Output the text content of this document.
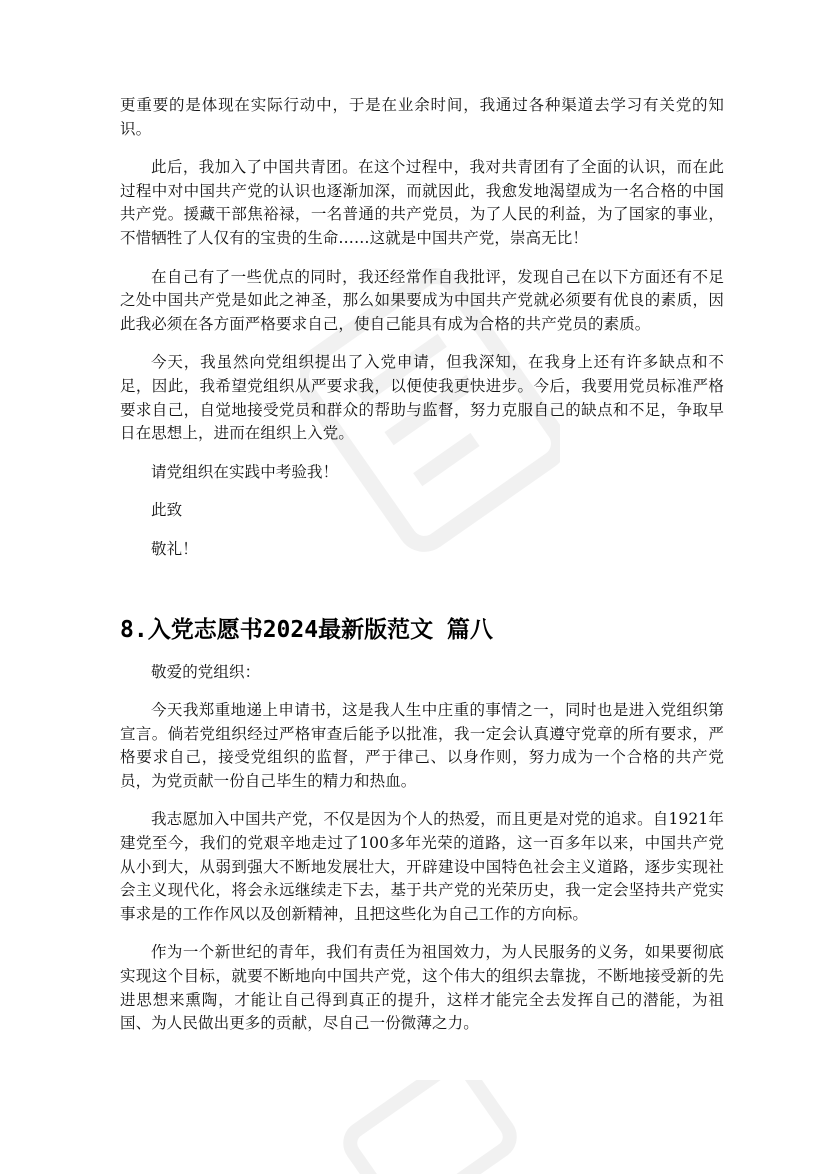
更重要的是体现在实际行动中，于是在业余时间，我通过各种渠道去学习有关党的知识。

此后，我加入了中国共青团。在这个过程中，我对共青团有了全面的认识，而在此过程中对中国共产党的认识也逐渐加深，而就因此，我愈发地渴望成为一名合格的中国共产党。援藏干部焦裕禄，一名普通的共产党员，为了人民的利益，为了国家的事业，不惜牺牲了人仅有的宝贵的生命……这就是中国共产党，崇高无比！

在自己有了一些优点的同时，我还经常作自我批评，发现自己在以下方面还有不足之处中国共产党是如此之神圣，那么如果要成为中国共产党就必须要有优良的素质，因此我必须在各方面严格要求自己，使自己能具有成为合格的共产党员的素质。

今天，我虽然向党组织提出了入党申请，但我深知，在我身上还有许多缺点和不足，因此，我希望党组织从严要求我，以便使我更快进步。今后，我要用党员标准严格要求自己，自觉地接受党员和群众的帮助与监督，努力克服自己的缺点和不足，争取早日在思想上，进而在组织上入党。

请党组织在实践中考验我！

此致

敬礼！

8.入党志愿书2024最新版范文 篇八

敬爱的党组织：

今天我郑重地递上申请书，这是我人生中庄重的事情之一，同时也是进入党组织第宣言。倘若党组织经过严格审查后能予以批准，我一定会认真遵守党章的所有要求，严格要求自己，接受党组织的监督，严于律己、以身作则，努力成为一个合格的共产党员，为党贡献一份自己毕生的精力和热血。

我志愿加入中国共产党，不仅是因为个人的热爱，而且更是对党的追求。自1921年建党至今，我们的党艰辛地走过了100多年光荣的道路，这一百多年以来，中国共产党从小到大，从弱到强大不断地发展壮大，开辟建设中国特色社会主义道路，逐步实现社会主义现代化，将会永远继续走下去，基于共产党的光荣历史，我一定会坚持共产党实事求是的工作作风以及创新精神，且把这些化为自己工作的方向标。

作为一个新世纪的青年，我们有责任为祖国效力，为人民服务的义务，如果要彻底实现这个目标，就要不断地向中国共产党，这个伟大的组织去靠拢，不断地接受新的先进思想来熏陶，才能让自己得到真正的提升，这样才能完全去发挥自己的潜能，为祖国、为人民做出更多的贡献，尽自己一份微薄之力。
